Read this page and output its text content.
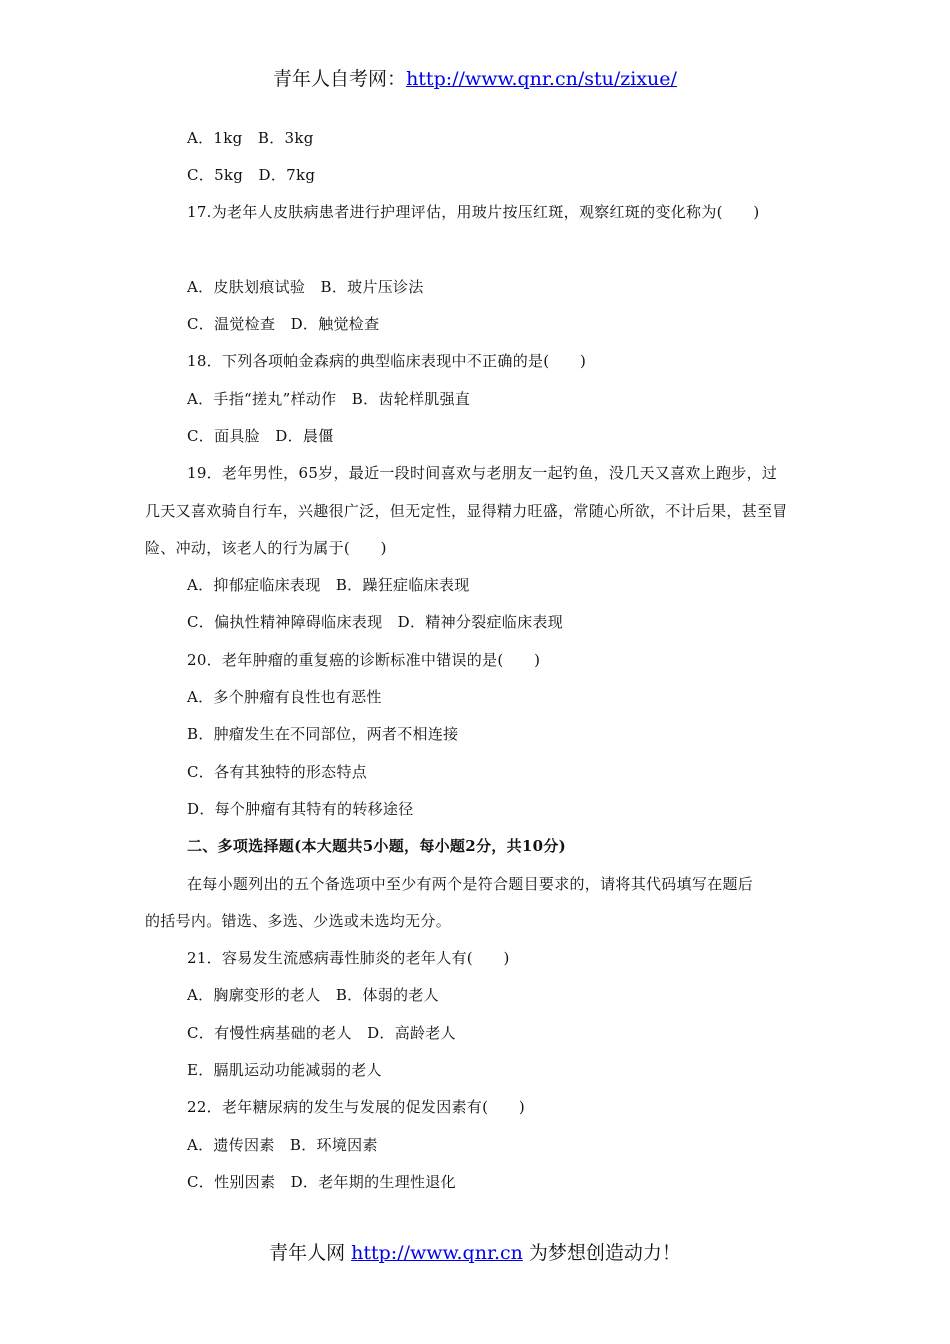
青年人自考网：http://www.qnr.cn/stu/zixue/
A．1kg　B．3kg
C．5kg　D．7kg
17.为老年人皮肤病患者进行护理评估，用玻片按压红斑，观察红斑的变化称为(　　)
A．皮肤划痕试验　B．玻片压诊法
C．温觉检查　D．触觉检查
18．下列各项帕金森病的典型临床表现中不正确的是(　　)
A．手指“搓丸”样动作　B．齿轮样肌强直
C．面具脸　D．晨僵
19．老年男性，65岁，最近一段时间喜欢与老朋友一起钓鱼，没几天又喜欢上跑步，过
几天又喜欢骑自行车，兴趣很广泛，但无定性，显得精力旺盛，常随心所欲，不计后果，甚至冒
险、冲动，该老人的行为属于(　　)
A．抑郁症临床表现　B．躁狂症临床表现
C．偏执性精神障碍临床表现　D．精神分裂症临床表现
20．老年肿瘤的重复癌的诊断标准中错误的是(　　)
A．多个肿瘤有良性也有恶性
B．肿瘤发生在不同部位，两者不相连接
C．各有其独特的形态特点
D．每个肿瘤有其特有的转移途径
二、多项选择题(本大题共5小题，每小题2分，共10分)
在每小题列出的五个备选项中至少有两个是符合题目要求的，请将其代码填写在题后
的括号内。错选、多选、少选或未选均无分。
21．容易发生流感病毒性肺炎的老年人有(　　)
A．胸廓变形的老人　B．体弱的老人
C．有慢性病基础的老人　D．高龄老人
E．膈肌运动功能减弱的老人
22．老年糖尿病的发生与发展的促发因素有(　　)
A．遗传因素　B．环境因素
C．性别因素　D．老年期的生理性退化
青年人网 http://www.qnr.cn 为梦想创造动力！
